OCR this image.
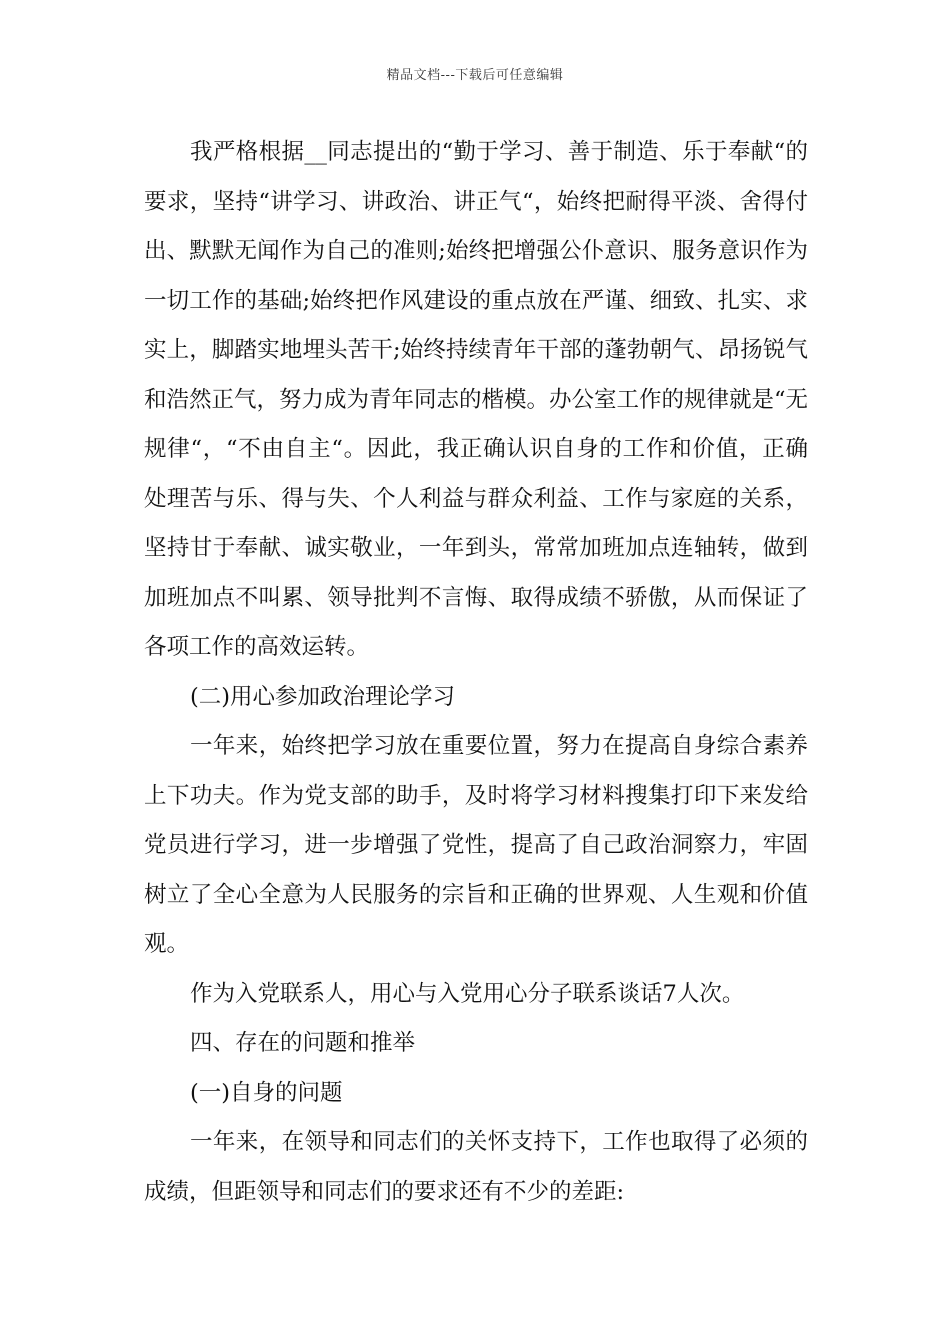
精品文档---下载后可任意编辑

我严格根据__同志提出的“勤于学习、善于制造、乐于奉献“的要求，坚持“讲学习、讲政治、讲正气“，始终把耐得平淡、舍得付出、默默无闻作为自己的准则;始终把增强公仆意识、服务意识作为一切工作的基础;始终把作风建设的重点放在严谨、细致、扎实、求实上，脚踏实地埋头苦干;始终持续青年干部的蓬勃朝气、昂扬锐气和浩然正气，努力成为青年同志的楷模。办公室工作的规律就是“无规律“，“不由自主“。因此，我正确认识自身的工作和价值，正确处理苦与乐、得与失、个人利益与群众利益、工作与家庭的关系，坚持甘于奉献、诚实敬业，一年到头，常常加班加点连轴转，做到加班加点不叫累、领导批判不言悔、取得成绩不骄傲，从而保证了各项工作的高效运转。

(二)用心参加政治理论学习

一年来，始终把学习放在重要位置，努力在提高自身综合素养上下功夫。作为党支部的助手，及时将学习材料搜集打印下来发给党员进行学习，进一步增强了党性，提高了自己政治洞察力，牢固树立了全心全意为人民服务的宗旨和正确的世界观、人生观和价值观。

作为入党联系人，用心与入党用心分子联系谈话7人次。

四、存在的问题和推举

(一)自身的问题

一年来，在领导和同志们的关怀支持下，工作也取得了必须的成绩，但距领导和同志们的要求还有不少的差距:
